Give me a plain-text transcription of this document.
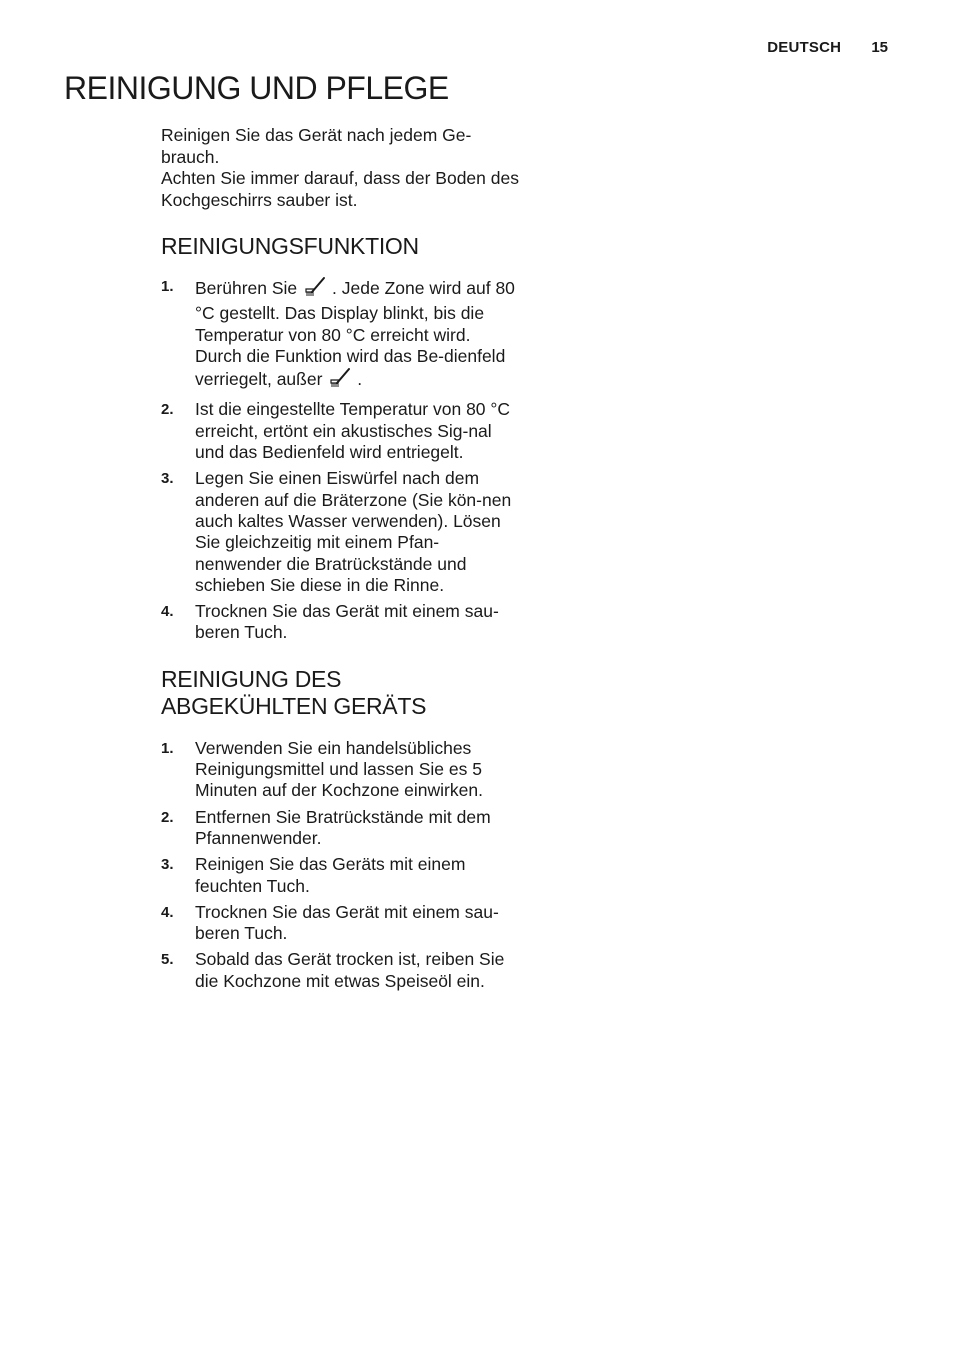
DEUTSCH 15
REINIGUNG UND PFLEGE

Reinigen Sie das Gerät nach jedem Ge-brauch.

Achten Sie immer darauf, dass der Boden des Kochgeschirrs sauber ist.

REINIGUNGSFUNKTION
1. Berühren Sie . Jede Zone wird auf 80 °C gestellt. Das Display blinkt, bis die Temperatur von 80 °C erreicht wird. Durch die Funktion wird das Be-dienfeld verriegelt, außer .
2. Ist die eingestellte Temperatur von 80 °C erreicht, ertönt ein akustisches Sig-nal und das Bedienfeld wird entriegelt.
3. Legen Sie einen Eiswürfel nach dem anderen auf die Bräterzone (Sie kön-nen auch kaltes Wasser verwenden). Lösen Sie gleichzeitig mit einem Pfan-nenwender die Bratrückstände und schieben Sie diese in die Rinne.
4. Trocknen Sie das Gerät mit einem sau-beren Tuch.
REINIGUNG DES
ABGEKÜHLTEN GERÄTS
1. Verwenden Sie ein handelsübliches Reinigungsmittel und lassen Sie es 5 Minuten auf der Kochzone einwirken.
2. Entfernen Sie Bratrückstände mit dem Pfannenwender.
3. Reinigen Sie das Geräts mit einem feuchten Tuch.
4. Trocknen Sie das Gerät mit einem sau-beren Tuch.
5. Sobald das Gerät trocken ist, reiben Sie die Kochzone mit etwas Speiseöl ein.
